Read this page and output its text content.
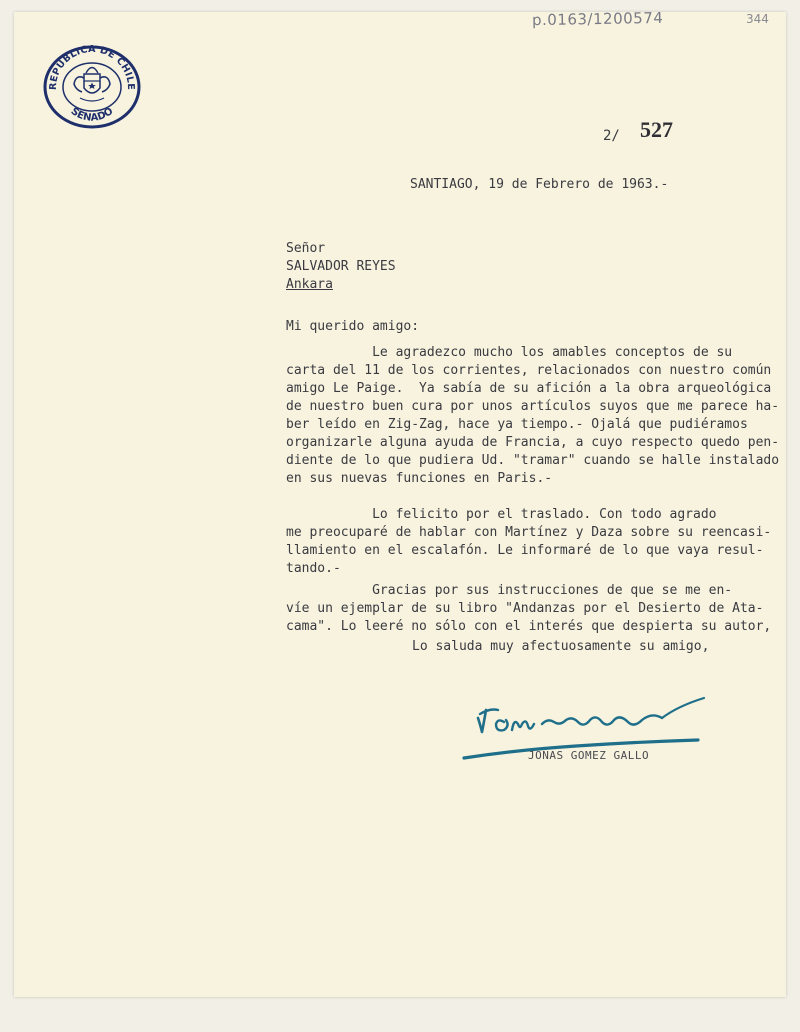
p.0163/1200574	344
REPUBLICA DE CHILE
SENADO
2/ 527
SANTIAGO, 19 de Febrero de 1963.-
Señor
SALVADOR REYES
Ankara
Mi querido amigo:
Le agradezco mucho los amables conceptos de su
carta del 11 de los corrientes, relacionados con nuestro común
amigo Le Paige.  Ya sabía de su afición a la obra arqueológica
de nuestro buen cura por unos artículos suyos que me parece ha-
ber leído en Zig-Zag, hace ya tiempo.- Ojalá que pudiéramos
organizarle alguna ayuda de Francia, a cuyo respecto quedo pen-
diente de lo que pudiera Ud. "tramar" cuando se halle instalado
en sus nuevas funciones en Paris.-
Lo felicito por el traslado. Con todo agrado
me preocuparé de hablar con Martínez y Daza sobre su reencasi-
llamiento en el escalafón. Le informaré de lo que vaya resul-
tando.-
Gracias por sus instrucciones de que se me en-
víe un ejemplar de su libro "Andanzas por el Desierto de Ata-
cama". Lo leeré no sólo con el interés que despierta su autor,
Lo saluda muy afectuosamente su amigo,
JONAS GOMEZ GALLO
